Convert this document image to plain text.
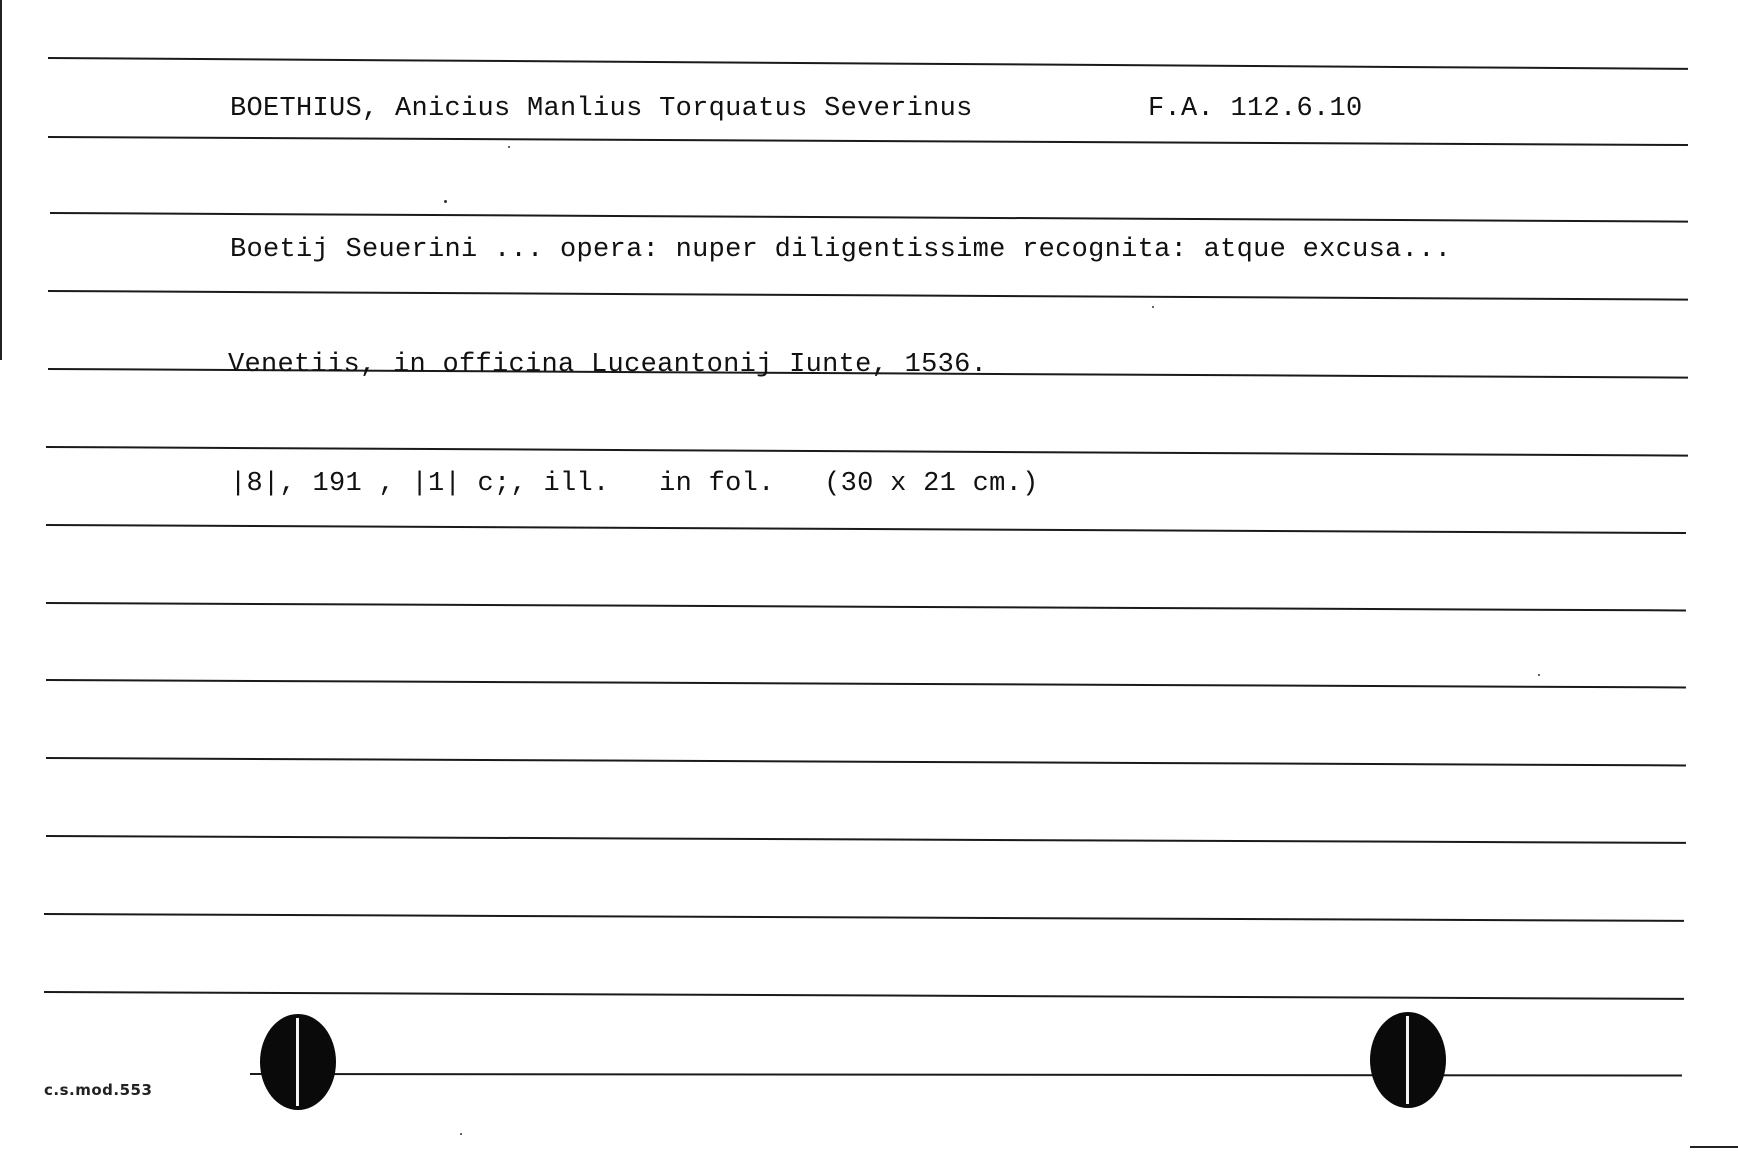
BOETHIUS, Anicius Manlius Torquatus Severinus	F.A. 112.6.10
Boetij Seuerini ... opera: nuper diligentissime recognita: atque excusa...
Venetiis, in officina Luceantonij Iunte, 1536.
|8|, 191 , |1| c;, ill.   in fol.   (30 x 21 cm.)
c.s.mod.553
